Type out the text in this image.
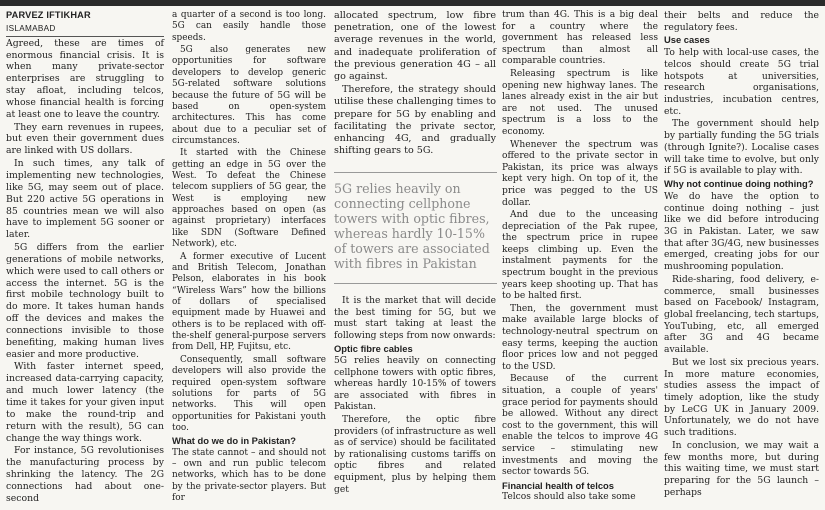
PARVEZ IFTIKHAR

ISLAMABAD

Agreed, these are times of enormous financial crisis. It is when many private-sector enterprises are struggling to stay afloat, including telcos, whose financial health is forcing at least one to leave the country.

They earn revenues in rupees, but even their government dues are linked with US dollars.

In such times, any talk of implementing new technologies, like 5G, may seem out of place. But 220 active 5G operations in 85 countries mean we will also have to implement 5G sooner or later.

5G differs from the earlier generations of mobile networks, which were used to call others or access the internet. 5G is the first mobile technology built to do more. It takes human hands off the devices and makes the connections invisible to those benefiting, making human lives easier and more productive.

With faster internet speed, increased data-carrying capacity, and much lower latency (the time it takes for your given input to make the round-trip and return with the result), 5G can change the way things work.

For instance, 5G revolutionises the manufacturing process by shrinking the latency. The 2G connections had about one-second

a quarter of a second is too long. 5G can easily handle those speeds.

5G also generates new opportunities for software developers to develop generic 5G-related software solutions because the future of 5G will be based on open-system architectures. This has come about due to a peculiar set of circumstances.

It started with the Chinese getting an edge in 5G over the West. To defeat the Chinese telecom suppliers of 5G gear, the West is employing new approaches based on open (as against proprietary) interfaces like SDN (Software Defined Network), etc.

A former executive of Lucent and British Telecom, Jonathan Pelson, elaborates in his book “Wireless Wars” how the billions of dollars of specialised equipment made by Huawei and others is to be replaced with off-the-shelf general-purpose servers from Dell, HP, Fujitsu, etc.

Consequently, small software developers will also provide the required open-system software solutions for parts of 5G networks. This will open opportunities for Pakistani youth too.

What do we do in Pakistan?

The state cannot – and should not – own and run public telecom networks, which has to be done by the private-sector players. But for

allocated spectrum, low fibre penetration, one of the lowest average revenues in the world, and inadequate proliferation of the previous generation 4G – all go against.

Therefore, the strategy should utilise these challenging times to prepare for 5G by enabling and facilitating the private sector, enhancing 4G, and gradually shifting gears to 5G.

5G relies heavily on connecting cellphone towers with optic fibres, whereas hardly 10-15% of towers are associated with fibres in Pakistan

It is the market that will decide the best timing for 5G, but we must start taking at least the following steps from now onwards:

Optic fibre cables

5G relies heavily on connecting cellphone towers with optic fibres, whereas hardly 10-15% of towers are associated with fibres in Pakistan.

Therefore, the optic fibre providers (of infrastructure as well as of service) should be facilitated by rationalising customs tariffs on optic fibres and related equipment, plus by helping them get

trum than 4G. This is a big deal for a country where the government has released less spectrum than almost all comparable countries.

Releasing spectrum is like opening new highway lanes. The lanes already exist in the air but are not used. The unused spectrum is a loss to the economy.

Whenever the spectrum was offered to the private sector in Pakistan, its price was always kept very high. On top of it, the price was pegged to the US dollar.

And due to the unceasing depreciation of the Pak rupee, the spectrum price in rupee keeps climbing up. Even the instalment payments for the spectrum bought in the previous years keep shooting up. That has to be halted first.

Then, the government must make available large blocks of technology-neutral spectrum on easy terms, keeping the auction floor prices low and not pegged to the USD.

Because of the current situation, a couple of years' grace period for payments should be allowed. Without any direct cost to the government, this will enable the telcos to improve 4G service – stimulating new investments and moving the sector towards 5G.

Financial health of telcos

Telcos should also take some

their belts and reduce the regulatory fees.

Use cases

To help with local-use cases, the telcos should create 5G trial hotspots at universities, research organisations, industries, incubation centres, etc.

The government should help by partially funding the 5G trials (through Ignite?). Localise cases will take time to evolve, but only if 5G is available to play with.

Why not continue doing nothing?

We do have the option to continue doing nothing – just like we did before introducing 3G in Pakistan. Later, we saw that after 3G/4G, new businesses emerged, creating jobs for our mushrooming population.

Ride-sharing, food delivery, e-commerce, small businesses based on Facebook/ Instagram, global freelancing, tech startups, YouTubing, etc, all emerged after 3G and 4G became available.

But we lost six precious years. In more mature economies, studies assess the impact of timely adoption, like the study by LeCG UK in January 2009. Unfortunately, we do not have such traditions.

In conclusion, we may wait a few months more, but during this waiting time, we must start preparing for the 5G launch – perhaps
